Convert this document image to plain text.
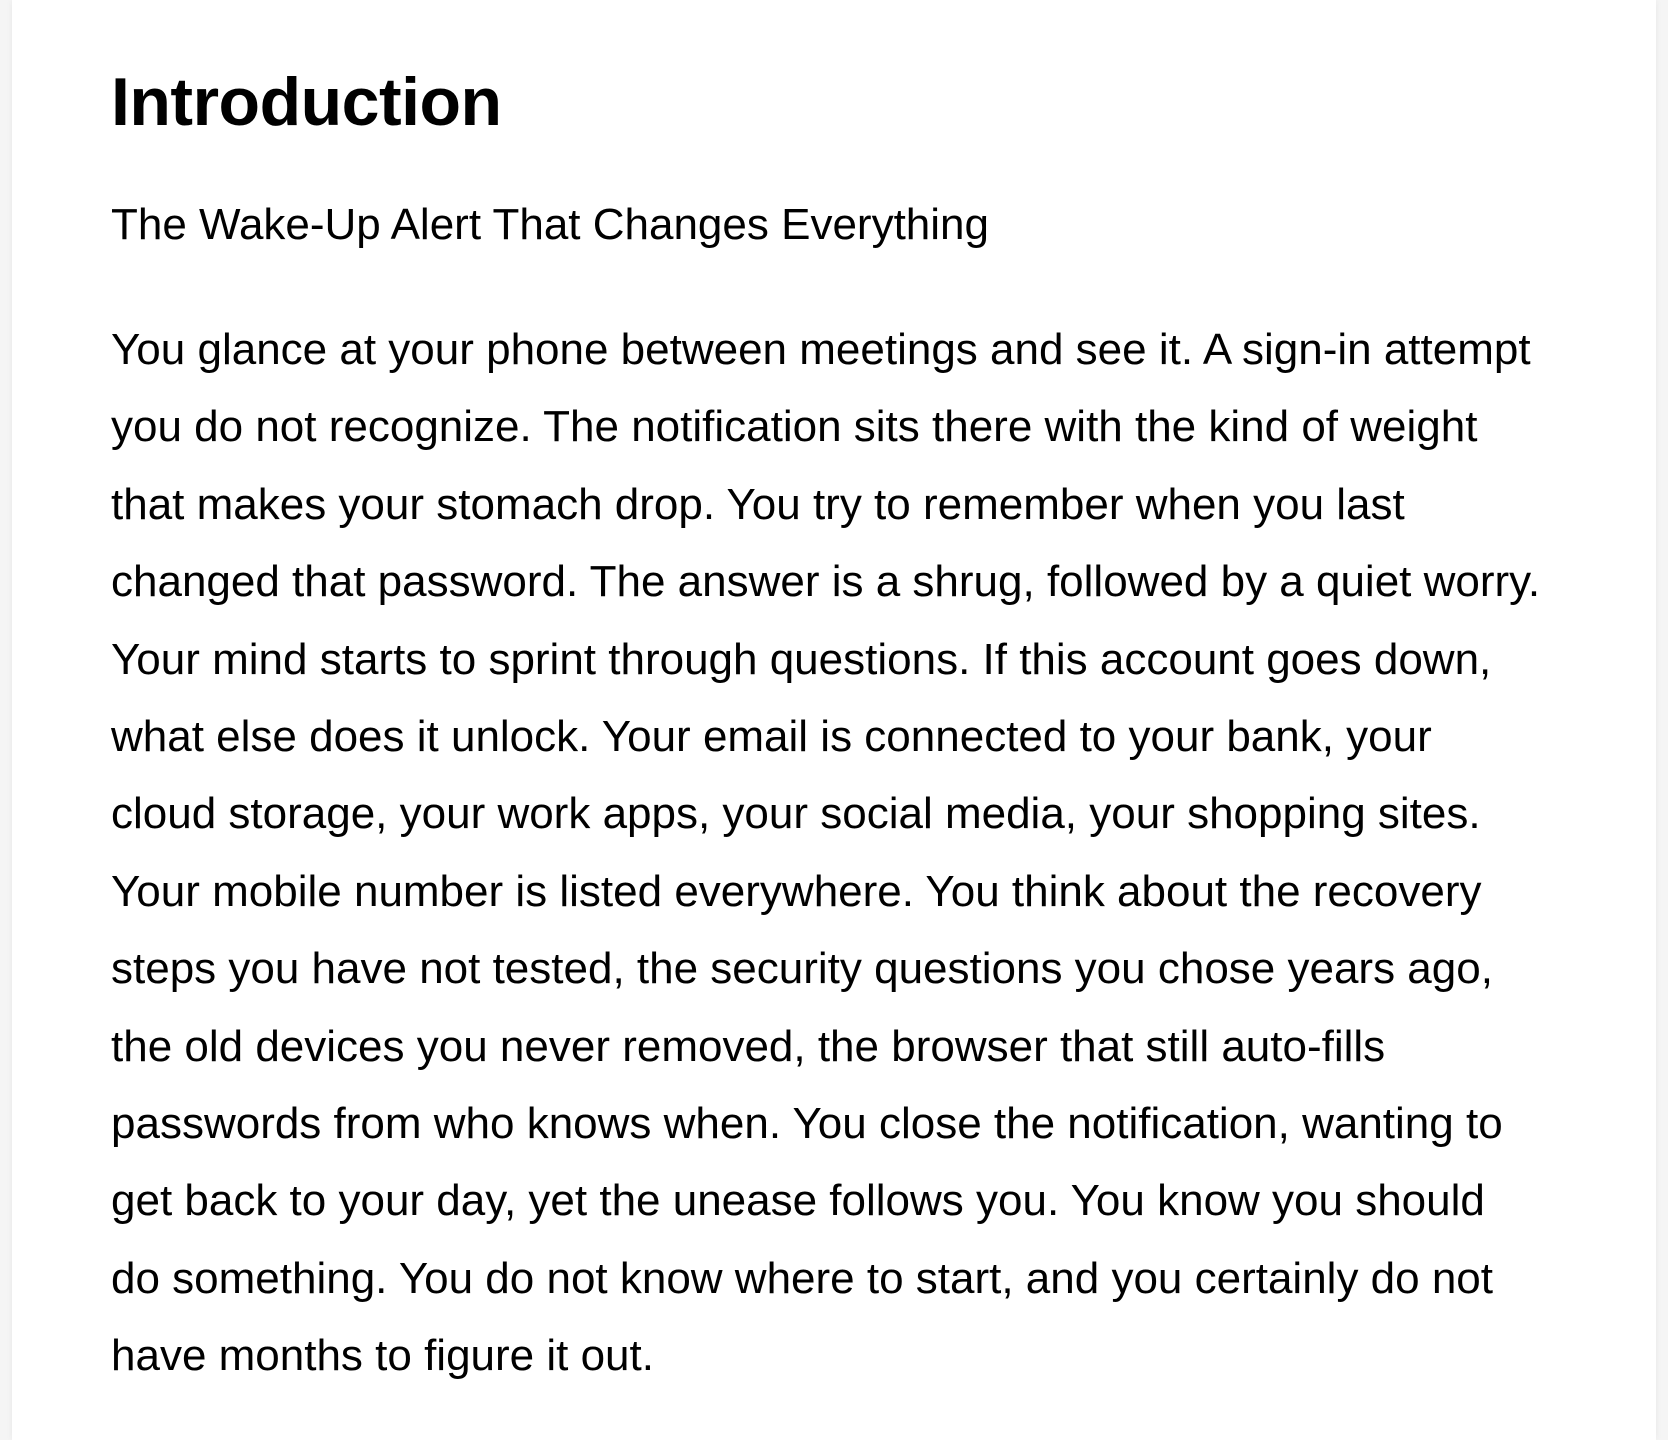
Introduction
The Wake-Up Alert That Changes Everything

You glance at your phone between meetings and see it. A sign-in attempt
you do not recognize. The notification sits there with the kind of weight
that makes your stomach drop. You try to remember when you last
changed that password. The answer is a shrug, followed by a quiet worry.
Your mind starts to sprint through questions. If this account goes down,
what else does it unlock. Your email is connected to your bank, your
cloud storage, your work apps, your social media, your shopping sites.
Your mobile number is listed everywhere. You think about the recovery
steps you have not tested, the security questions you chose years ago,
the old devices you never removed, the browser that still auto-fills
passwords from who knows when. You close the notification, wanting to
get back to your day, yet the unease follows you. You know you should
do something. You do not know where to start, and you certainly do not
have months to figure it out.
